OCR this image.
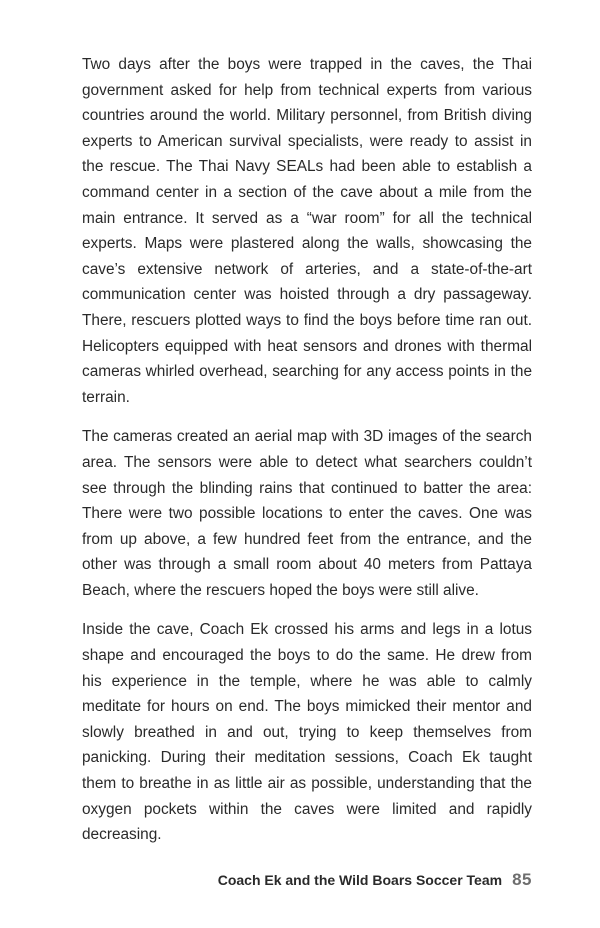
Two days after the boys were trapped in the caves, the Thai government asked for help from technical experts from various countries around the world. Military personnel, from British diving experts to American survival specialists, were ready to assist in the rescue. The Thai Navy SEALs had been able to establish a command center in a section of the cave about a mile from the main entrance. It served as a “war room” for all the technical experts. Maps were plastered along the walls, showcasing the cave’s extensive network of arteries, and a state-of-the-art communication center was hoisted through a dry passageway. There, rescuers plotted ways to find the boys before time ran out. Helicopters equipped with heat sensors and drones with thermal cameras whirled overhead, searching for any access points in the terrain.

The cameras created an aerial map with 3D images of the search area. The sensors were able to detect what searchers couldn’t see through the blinding rains that continued to batter the area: There were two possible locations to enter the caves. One was from up above, a few hundred feet from the entrance, and the other was through a small room about 40 meters from Pattaya Beach, where the rescuers hoped the boys were still alive.

Inside the cave, Coach Ek crossed his arms and legs in a lotus shape and encouraged the boys to do the same. He drew from his experience in the temple, where he was able to calmly meditate for hours on end. The boys mimicked their mentor and slowly breathed in and out, trying to keep themselves from panicking. During their meditation sessions, Coach Ek taught them to breathe in as little air as possible, understanding that the oxygen pockets within the caves were limited and rapidly decreasing.

Coach Ek and the Wild Boars Soccer Team 85
